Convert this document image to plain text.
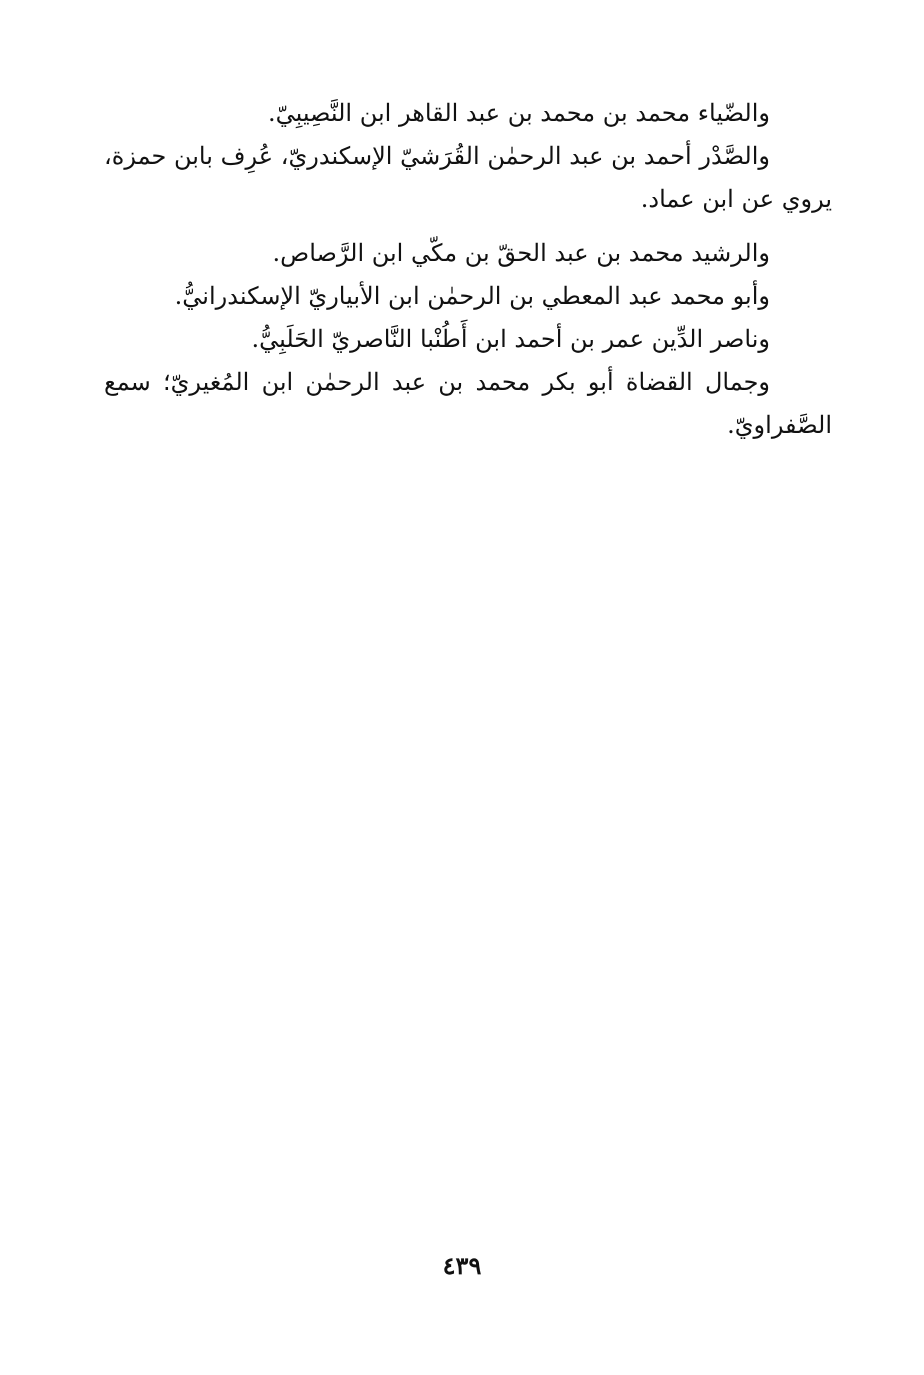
والضّياء محمد بن محمد بن عبد القاهر ابن النَّصِيبِيّ.

والصَّدْر أحمد بن عبد الرحمٰن القُرَشيّ الإسكندريّ، عُرِف بابن حمزة، يروي عن ابن عماد.

والرشيد محمد بن عبد الحقّ بن مكّي ابن الرَّصاص.

وأبو محمد عبد المعطي بن الرحمٰن ابن الأبياريّ الإسكندرانيُّ.

وناصر الدِّين عمر بن أحمد ابن أَطُنْبا النَّاصريّ الحَلَبِيُّ.

وجمال القضاة أبو بكر محمد بن عبد الرحمٰن ابن المُغيريّ؛ سمع الصَّفراويّ.

٤٣٩
